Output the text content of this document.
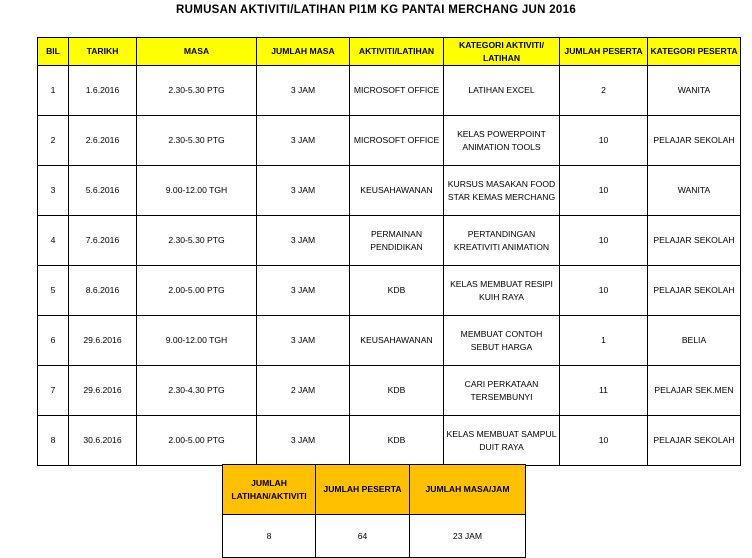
RUMUSAN AKTIVITI/LATIHAN PI1M KG PANTAI MERCHANG JUN 2016
BIL	TARIKH	MASA	JUMLAH MASA	AKTIVITI/LATIHAN	KATEGORI AKTIVITI/ LATIHAN	JUMLAH PESERTA	KATEGORI PESERTA
1	1.6.2016	2.30-5.30 PTG	3 JAM	MICROSOFT OFFICE	LATIHAN EXCEL	2	WANITA
2	2.6.2016	2.30-5.30 PTG	3 JAM	MICROSOFT OFFICE	KELAS POWERPOINT ANIMATION TOOLS	10	PELAJAR SEKOLAH
3	5.6.2016	9.00-12.00 TGH	3 JAM	KEUSAHAWANAN	KURSUS MASAKAN FOOD STAR KEMAS MERCHANG	10	WANITA
4	7.6.2016	2.30-5.30 PTG	3 JAM	PERMAINAN PENDIDIKAN	PERTANDINGAN KREATIVITI ANIMATION	10	PELAJAR SEKOLAH
5	8.6.2016	2.00-5.00 PTG	3 JAM	KDB	KELAS MEMBUAT RESIPI KUIH RAYA	10	PELAJAR SEKOLAH
6	29.6.2016	9.00-12.00 TGH	3 JAM	KEUSAHAWANAN	MEMBUAT CONTOH SEBUT HARGA	1	BELIA
7	29.6.2016	2.30-4.30 PTG	2 JAM	KDB	CARI PERKATAAN TERSEMBUNYI	11	PELAJAR SEK.MEN
8	30.6.2016	2.00-5.00 PTG	3 JAM	KDB	KELAS MEMBUAT SAMPUL DUIT RAYA	10	PELAJAR SEKOLAH
JUMLAH LATIHAN/AKTIVITI	JUMLAH PESERTA	JUMLAH MASA/JAM
8	64	23 JAM
